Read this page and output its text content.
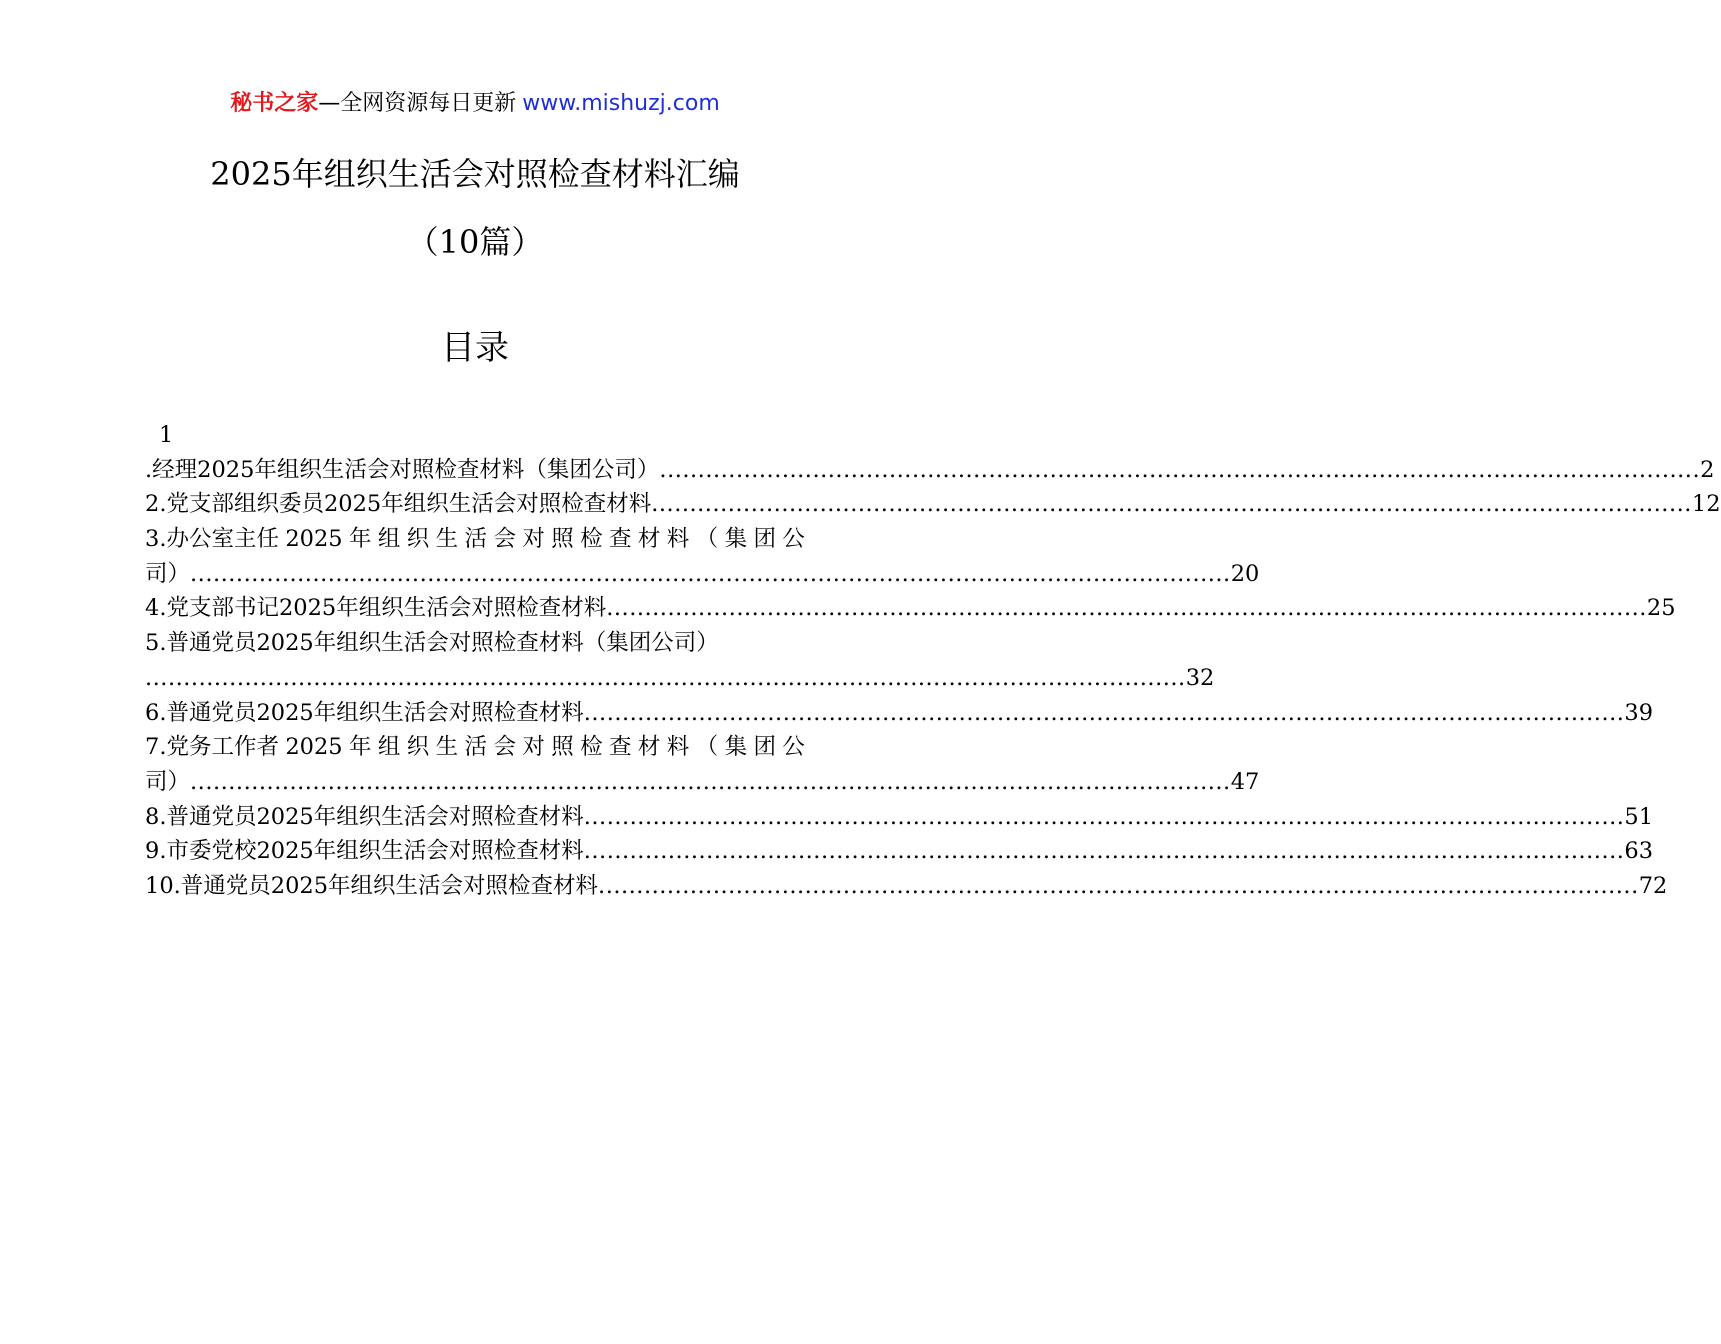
秘书之家—全网资源每日更新 www.mishuzj.com
2025年组织生活会对照检查材料汇编
（10篇）
目录
1
.经理2025年组织生活会对照检查材料（集团公司） ........................................................................................................................................ 2
2.党支部组织委员2025年组织生活会对照检查材料 ........................................................................................................................................ 12
3.办公室主任 2025 年 组 织 生 活 会 对 照 检 查 材 料 （ 集 团 公
司） ........................................................................................................................................ 20
4.党支部书记2025年组织生活会对照检查材料 ........................................................................................................................................ 25
5.普通党员2025年组织生活会对照检查材料（集团公司）
........................................................................................................................................ 32
6.普通党员2025年组织生活会对照检查材料 ........................................................................................................................................ 39
7.党务工作者 2025 年 组 织 生 活 会 对 照 检 查 材 料 （ 集 团 公
司） ........................................................................................................................................ 47
8.普通党员2025年组织生活会对照检查材料 ........................................................................................................................................ 51
9.市委党校2025年组织生活会对照检查材料 ........................................................................................................................................ 63
10.普通党员2025年组织生活会对照检查材料 ........................................................................................................................................ 72
